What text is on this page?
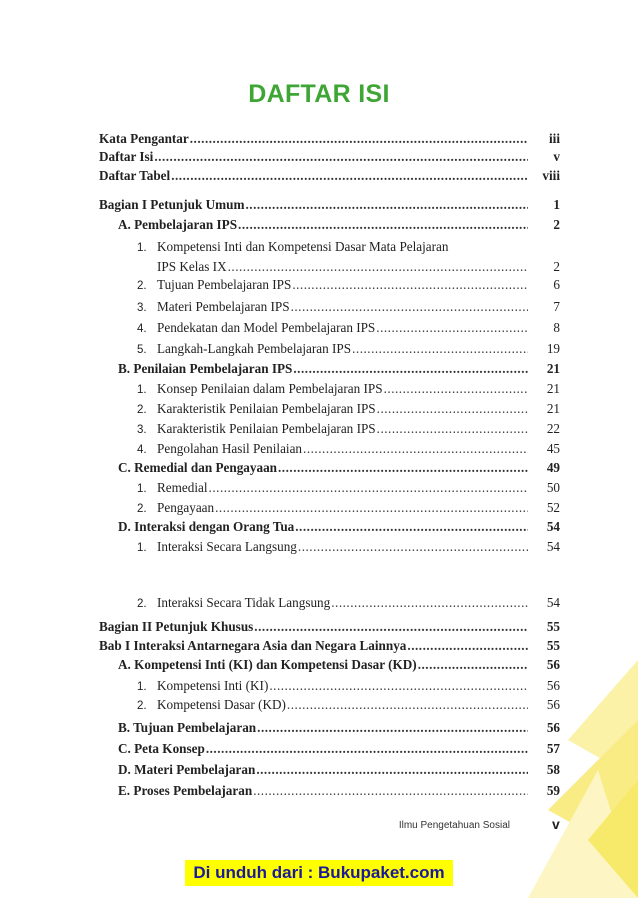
DAFTAR ISI
Kata Pengantar .....	iii
Daftar Isi .....	v
Daftar Tabel .....	viii
Bagian I Petunjuk Umum .....	1
A. Pembelajaran IPS .....	2
1. Kompetensi Inti dan Kompetensi Dasar Mata Pelajaran
IPS Kelas IX .....	2
2. Tujuan Pembelajaran IPS .....	6
3. Materi Pembelajaran IPS .....	7
4. Pendekatan dan Model Pembelajaran IPS .....	8
5. Langkah-Langkah Pembelajaran IPS .....	19
B. Penilaian Pembelajaran IPS .....	21
1. Konsep Penilaian dalam Pembelajaran IPS .....	21
2. Karakteristik Penilaian Pembelajaran IPS .....	21
3. Karakteristik Penilaian Pembelajaran IPS .....	22
4. Pengolahan Hasil Penilaian .....	45
C. Remedial dan Pengayaan .....	49
1. Remedial .....	50
2. Pengayaan .....	52
D. Interaksi dengan Orang Tua .....	54
1. Interaksi Secara Langsung .....	54
2. Interaksi Secara Tidak Langsung .....	54
Bagian II Petunjuk Khusus .....	55
Bab I Interaksi Antarnegara Asia dan Negara Lainnya .....	55
A. Kompetensi Inti (KI) dan Kompetensi Dasar (KD) .....	56
1. Kompetensi Inti (KI) .....	56
2. Kompetensi Dasar (KD) .....	56
B. Tujuan Pembelajaran .....	56
C. Peta Konsep .....	57
D. Materi Pembelajaran .....	58
E. Proses Pembelajaran .....	59
Ilmu Pengetahuan Sosial	v
Di unduh dari : Bukupaket.com
